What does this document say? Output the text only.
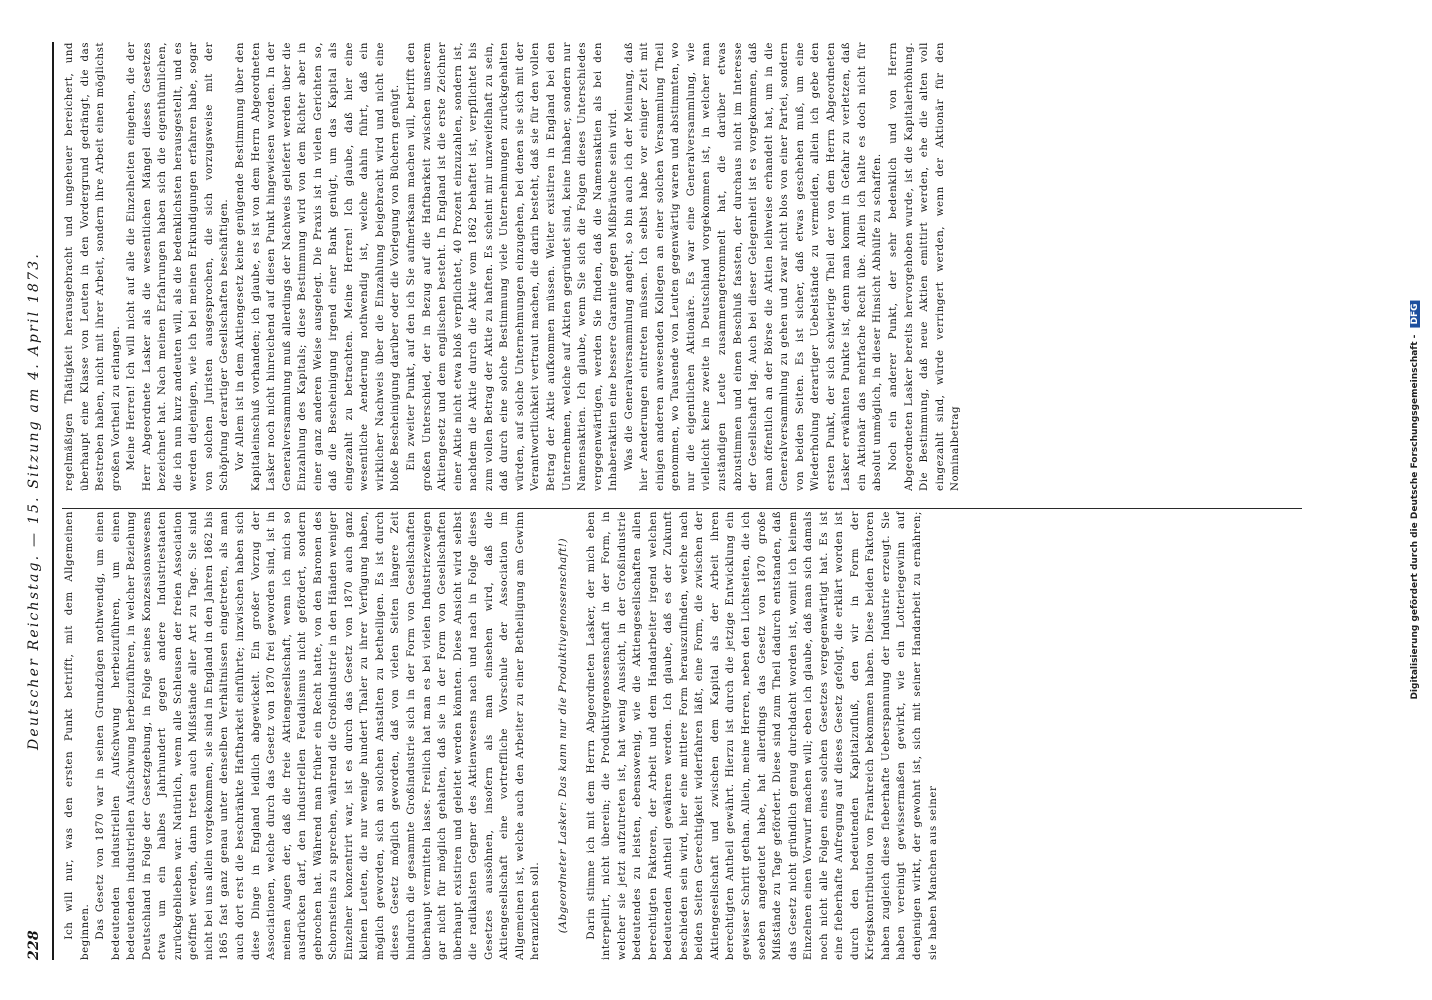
228
Deutscher Reichstag. — 15. Sitzung am 4. April 1873. Ich will nur, was den ersten Punkt betrifft, mit dem Allgemeinen beginnen. Das Gesetz von 1870 war in seinen Grundzügen nothwendig, um einen bedeutenden industriellen Aufschwung herbeizuführen, um einen bedeutenden industriellen Aufschwung herbeizuführen, in welcher Beziehung Deutschland in Folge der Gesetzgebung, in Folge seines Konzessionswesens etwa um ein halbes Jahrhundert gegen andere Industriestaaten zurückgeblieben war. Natürlich, wenn alle Schleusen der freien Association geöffnet werden, dann treten auch Mißstände aller Art zu Tage. Sie sind nicht bei uns allein vorgekommen, sie sind in England in den Jahren 1862 bis 1865 fast ganz genau unter denselben Verhältnissen eingetreten, als man auch dort erst die beschränkte Haftbarkeit einführte; inzwischen haben sich diese Dinge in England leidlich abgewickelt. Ein großer Vorzug der Associationen, welche durch das Gesetz von 1870 frei geworden sind, ist in meinen Augen der, daß die freie Aktiengesellschaft, wenn ich mich so ausdrücken darf, den industriellen Feudalismus nicht gefördert, sondern gebrochen hat. Während man früher ein Recht hatte, von den Baronen des Schornsteins zu sprechen, während die Großindustrie in den Händen weniger Einzelner konzentrirt war, ist es durch das Gesetz von 1870 auch ganz kleinen Leuten, die nur wenige hundert Thaler zu ihrer Verfügung haben, möglich geworden, sich an solchen Anstalten zu betheiligen. Es ist durch dieses Gesetz möglich geworden, daß von vielen Seiten längere Zeit hindurch die gesammte Großindustrie sich in der Form von Gesellschaften überhaupt vermitteln lasse. Freilich hat man es bei vielen Industriezweigen gar nicht für möglich gehalten, daß sie in der Form von Gesellschaften überhaupt existiren und geleitet werden könnten. Diese Ansicht wird selbst die radikalsten Gegner des Aktienwesens nach und nach in Folge dieses Gesetzes aussöhnen, insofern als man einsehen wird, daß die Aktiengesellschaft eine vortreffliche Vorschule der Association im Allgemeinen ist, welche auch den Arbeiter zu einer Betheiligung am Gewinn heranziehen soll. (Abgeordneter Lasker: Das kann nur die Produktivgenossenschaft!) Darin stimme ich mit dem Herrn Abgeordneten Lasker, der mich eben interpellirt, nicht überein; die Produktivgenossenschaft in der Form, in welcher sie jetzt aufzutreten ist, hat wenig Aussicht, in der Großindustrie bedeutendes zu leisten, ebensowenig, wie die Aktiengesellschaften allen berechtigten Faktoren, der Arbeit und dem Handarbeiter irgend welchen bedeutenden Antheil gewähren werden. Ich glaube, daß es der Zukunft beschieden sein wird, hier eine mittlere Form herauszufinden, welche nach beiden Seiten Gerechtigkeit widerfahren läßt, eine Form, die zwischen der Aktiengesellschaft und zwischen dem Kapital als der Arbeit ihren berechtigten Antheil gewährt. Hierzu ist durch die jetzige Entwicklung ein gewisser Schritt gethan. Allein, meine Herren, neben den Lichtseiten, die ich soeben angedeutet habe, hat allerdings das Gesetz von 1870 große Mißstände zu Tage gefördert. Diese sind zum Theil dadurch entstanden, daß das Gesetz nicht gründlich genug durchdacht worden ist, womit ich keinem Einzelnen einen Vorwurf machen will; eben ich glaube, daß man sich damals noch nicht alle Folgen eines solchen Gesetzes vergegenwärtigt hat. Es ist eine fieberhafte Aufregung auf dieses Gesetz gefolgt, die erklärt worden ist durch den bedeutenden Kapitalzufluß, den wir in Form der Kriegskontribution von Frankreich bekommen haben. Diese beiden Faktoren haben zugleich diese fieberhafte Ueberspannung der Industrie erzeugt. Sie haben vereinigt gewissermaßen gewirkt, wie ein Lotteriegewinn auf denjenigen wirkt, der gewohnt ist, sich mit seiner Handarbeit zu ernähren; sie haben Manchen aus seiner

regelmäßigen Thätigkeit herausgebracht und ungeheuer bereichert, und überhaupt eine Klasse von Leuten in den Vordergrund gedrängt, die das Bestreben haben, nicht mit ihrer Arbeit, sondern ihre Arbeit einen möglichst großen Vortheil zu erlangen. Meine Herren! Ich will nicht auf alle die Einzelheiten eingehen, die der Herr Abgeordnete Lasker als die wesentlichen Mängel dieses Gesetzes bezeichnet hat. Nach meinen Erfahrungen haben sich die eigenthümlichen, die ich nun kurz andeuten will, als die bedenklichsten herausgestellt, und es werden diejenigen, wie ich bei meinen Erkundigungen erfahren habe, sogar von solchen Juristen ausgesprochen, die sich vorzugsweise mit der Schöpfung derartiger Gesellschaften beschäftigen. Vor Allem ist in dem Aktiengesetz keine genügende Bestimmung über den Kapitaleinschuß vorhanden; ich glaube, es ist von dem Herrn Abgeordneten Lasker noch nicht hinreichend auf diesen Punkt hingewiesen worden. In der Generalversammlung muß allerdings der Nachweis geliefert werden über die Einzahlung des Kapitals; diese Bestimmung wird von dem Richter aber in einer ganz anderen Weise ausgelegt. Die Praxis ist in vielen Gerichten so, daß die Bescheinigung irgend einer Bank genügt, um das Kapital als eingezahlt zu betrachten. Meine Herren! Ich glaube, daß hier eine wesentliche Aenderung nothwendig ist, welche dahin führt, daß ein wirklicher Nachweis über die Einzahlung beigebracht wird und nicht eine bloße Bescheinigung darüber oder die Vorlegung von Büchern genügt. Ein zweiter Punkt, auf den ich Sie aufmerksam machen will, betrifft den großen Unterschied, der in Bezug auf die Haftbarkeit zwischen unserem Aktiengesetz und dem englischen besteht. In England ist die erste Zeichner einer Aktie nicht etwa bloß verpflichtet, 40 Prozent einzuzahlen, sondern ist, nachdem die Aktie durch die Aktie vom 1862 behaftet ist, verpflichtet bis zum vollen Betrag der Aktie zu haften. Es scheint mir unzweifelhaft zu sein, daß durch eine solche Bestimmung viele Unternehmungen zurückgehalten würden, auf solche Unternehmungen einzugehen, bei denen sie sich mit der Verantwortlichkeit vertraut machen, die darin besteht, daß sie für den vollen Betrag der Aktie aufkommen müssen. Weiter existiren in England bei den Unternehmen, welche auf Aktien gegründet sind, keine Inhaber, sondern nur Namensaktien. Ich glaube, wenn Sie sich die Folgen dieses Unterschiedes vergegenwärtigen, werden Sie finden, daß die Namensaktien als bei den Inhaberaktien eine bessere Garantie gegen Mißbräuche sein wird. Was die Generalversammlung angeht, so bin auch ich der Meinung, daß hier Aenderungen eintreten müssen. Ich selbst habe vor einiger Zeit mit einigen anderen anwesenden Kollegen an einer solchen Versammlung Theil genommen, wo Tausende von Leuten gegenwärtig waren und abstimmten, wo nur die eigentlichen Aktionäre. Es war eine Generalversammlung, wie vielleicht keine zweite in Deutschland vorgekommen ist, in welcher man zuständigen Leute zusammengetrommelt hat, die darüber etwas abzustimmen und einen Beschluß fassten, der durchaus nicht im Interesse der Gesellschaft lag. Auch bei dieser Gelegenheit ist es vorgekommen, daß man öffentlich an der Börse die Aktien leihweise erhandelt hat, um in die Generalversammlung zu gehen und zwar nicht blos von einer Partei, sondern von beiden Seiten. Es ist sicher, daß etwas geschehen muß, um eine Wiederholung derartiger Uebelstände zu vermeiden, allein ich gebe den ersten Punkt, der sich schwierige Theil der von dem Herrn Abgeordneten Lasker erwähnten Punkte ist, denn man kommt in Gefahr zu verletzen, daß ein Aktionär das mehrfache Recht übe. Allein ich halte es doch nicht für absolut unmöglich, in dieser Hinsicht Abhülfe zu schaffen. Noch ein anderer Punkt, der sehr bedenklich und von Herrn Abgeordneten Lasker bereits hervorgehoben wurde, ist die Kapitalerhöhung. Die Bestimmung, daß neue Aktien emittirt werden, ehe die alten voll eingezahlt sind, würde verringert werden, wenn der Aktionär für den Nominalbetrag	Digitalisierung gefördert durch die Deutsche Forschungsgemeinschaft - DFG
